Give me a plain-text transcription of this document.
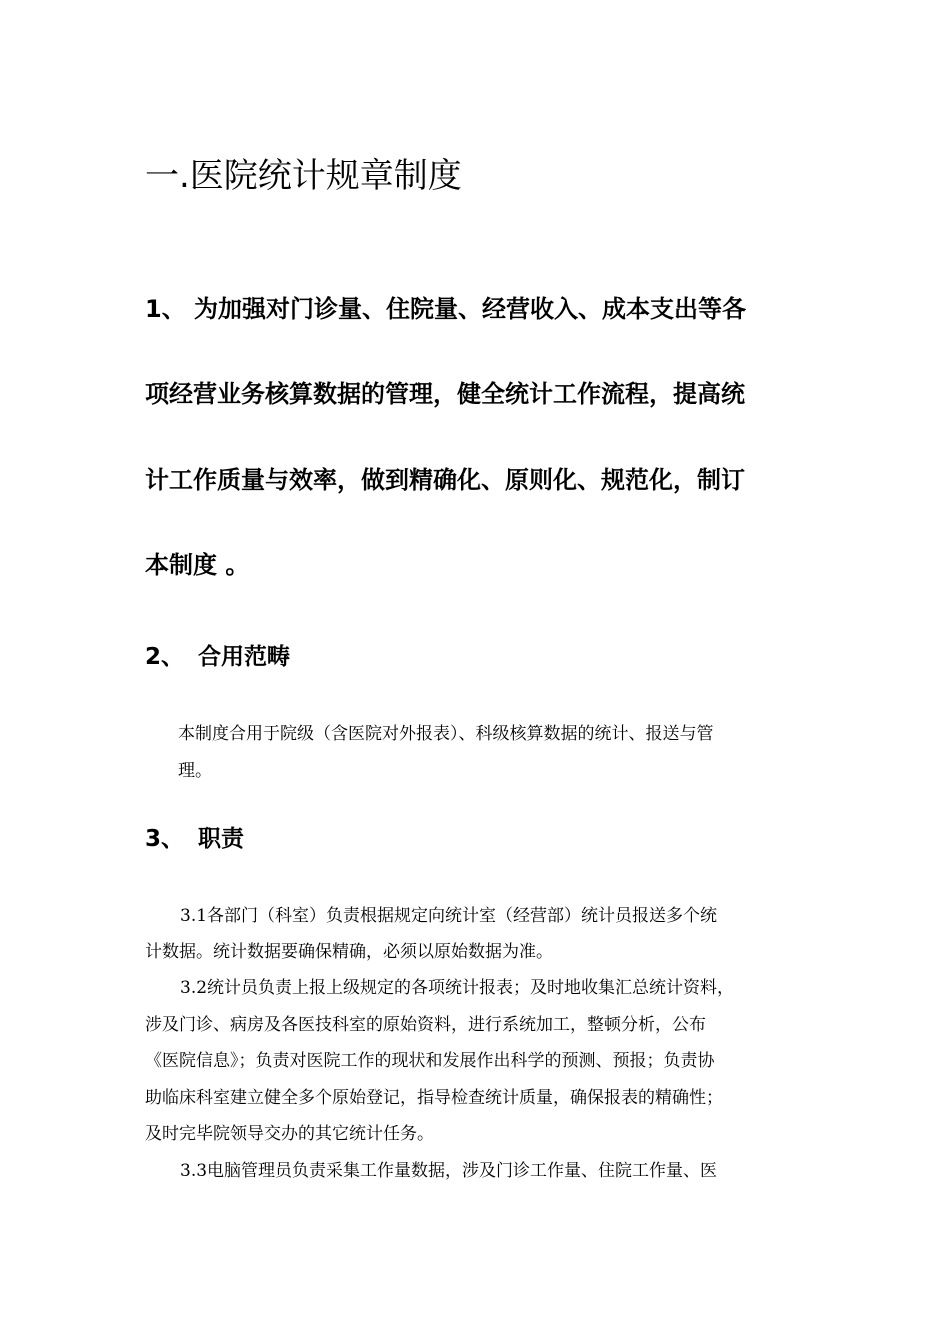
一.医院统计规章制度

1、 为加强对门诊量、住院量、经营收入、成本支出等各

项经营业务核算数据的管理，健全统计工作流程，提高统

计工作质量与效率，做到精确化、原则化、规范化，制订

本制度 。

2、 合用范畴

本制度合用于院级（含医院对外报表）、科级核算数据的统计、报送与管

理。

3、 职责

3.1各部门（科室）负责根据规定向统计室（经营部）统计员报送多个统

计数据。统计数据要确保精确，必须以原始数据为准。

3.2统计员负责上报上级规定的各项统计报表；及时地收集汇总统计资料，

涉及门诊、病房及各医技科室的原始资料，进行系统加工，整顿分析，公布

《医院信息》；负责对医院工作的现状和发展作出科学的预测、预报；负责协

助临床科室建立健全多个原始登记，指导检查统计质量，确保报表的精确性；

及时完毕院领导交办的其它统计任务。

3.3电脑管理员负责采集工作量数据，涉及门诊工作量、住院工作量、医
